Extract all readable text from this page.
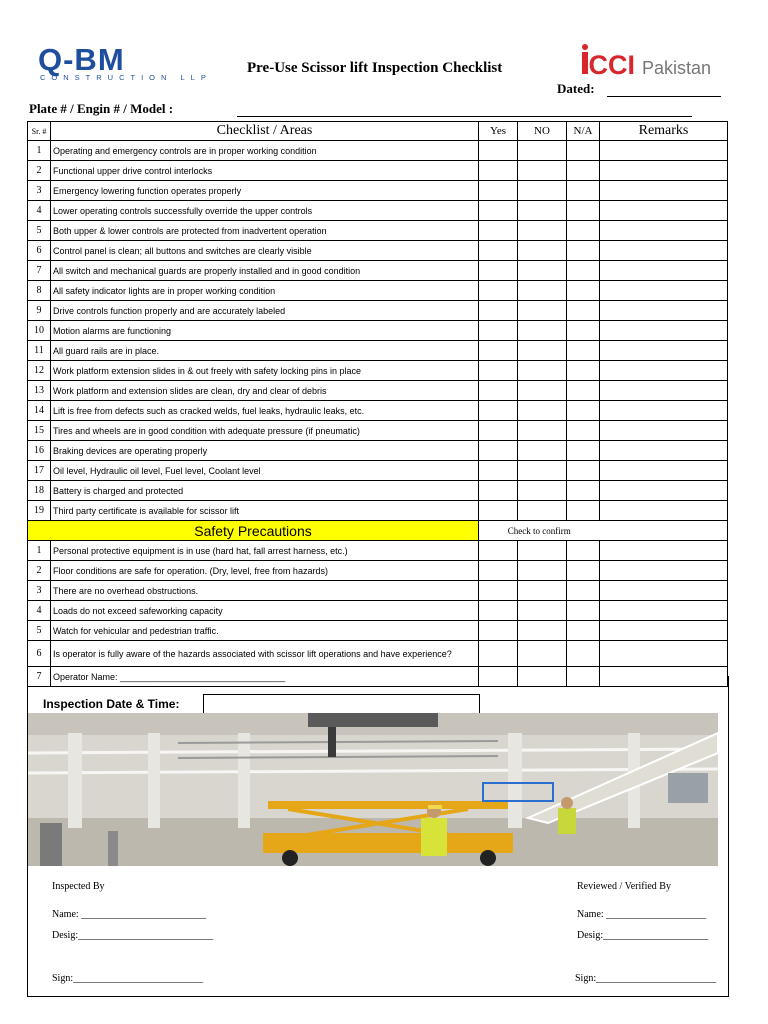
Q-BM
CONSTRUCTION LLP
Pre-Use Scissor lift Inspection Checklist	ICCI Pakistan
Dated:
Plate # / Engin # / Model :
Sr. #	Checklist / Areas	Yes	NO	N/A	Remarks
1	Operating and emergency controls are in proper working condition				
2	Functional upper drive control interlocks				
3	Emergency lowering function operates properly				
4	Lower operating controls successfully override the upper controls				
5	Both upper & lower controls are protected from inadvertent operation				
6	Control panel is clean; all buttons and switches are clearly visible				
7	All switch and mechanical guards are properly installed and in good condition				
8	All safety indicator lights are in proper working condition				
9	Drive controls function properly and are accurately labeled				
10	Motion alarms are functioning				
11	All guard rails are in place.				
12	Work platform extension slides in & out freely with safety locking pins in place				
13	Work platform and extension slides are clean, dry and clear of debris				
14	Lift is free from defects such as cracked welds, fuel leaks, hydraulic leaks, etc.				
15	Tires and wheels are in good condition with adequate pressure (if pneumatic)				
16	Braking devices are operating properly				
17	Oil level, Hydraulic oil level, Fuel level, Coolant level				
18	Battery is charged and protected				
19	Third party certificate is available for scissor lift				
Safety Precautions		Check to confirm			
1	Personal protective equipment is in use (hard hat, fall arrest harness, etc.)				
2	Floor conditions are safe for operation. (Dry, level, free from hazards)				
3	There are no overhead obstructions.				
4	Loads do not exceed safeworking capacity				
5	Watch for vehicular and pedestrian traffic.				
6	Is operator is fully aware of the hazards associated with scissor lift operations and have experience?				
7	Operator Name: _________________________________				
Inspection Date & Time:
Inspected By	Reviewed / Verified By
Name: _________________________	Name: ____________________
Desig:___________________________	Desig:_____________________
Sign:__________________________	Sign:________________________
